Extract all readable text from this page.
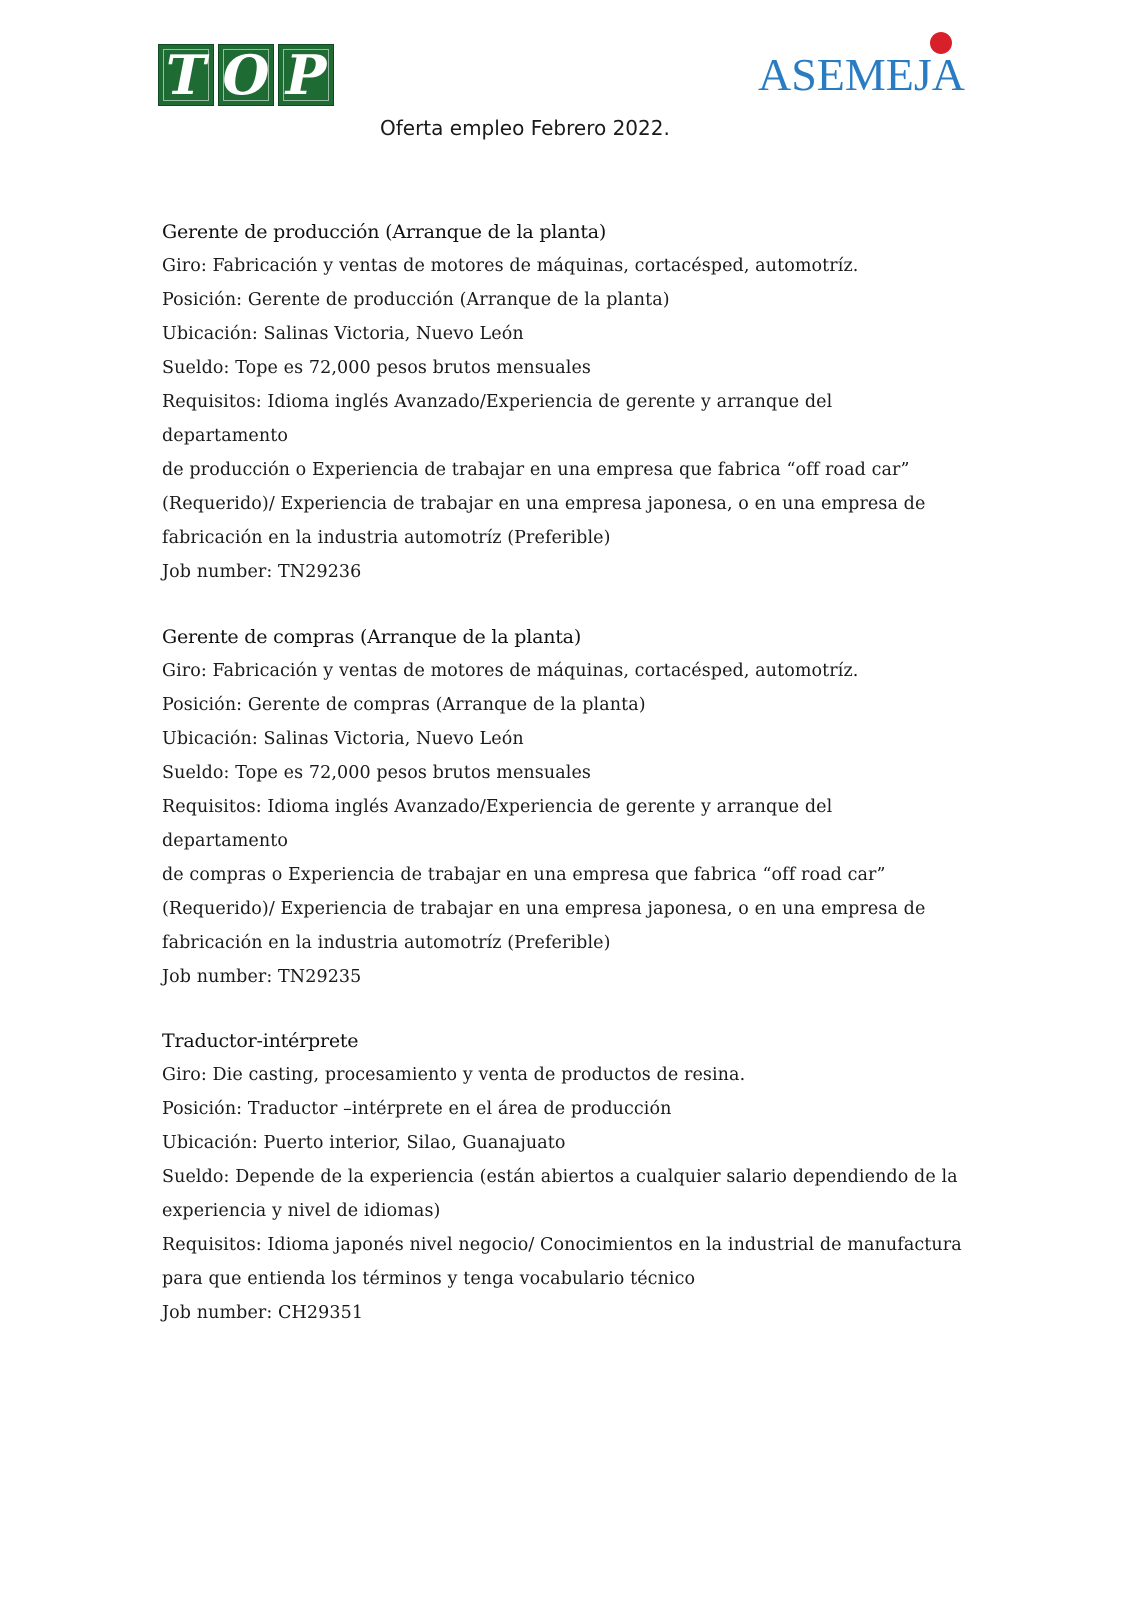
T O P	ASEMEJA
Oferta empleo Febrero 2022.

Gerente de producción (Arranque de la planta)

Giro: Fabricación y ventas de motores de máquinas, cortacésped, automotríz.

Posición: Gerente de producción (Arranque de la planta)

Ubicación: Salinas Victoria, Nuevo León

Sueldo: Tope es 72,000 pesos brutos mensuales

Requisitos: Idioma inglés Avanzado/Experiencia de gerente y arranque del departamento

de producción o Experiencia de trabajar en una empresa que fabrica “off road car”

(Requerido)/ Experiencia de trabajar en una empresa japonesa, o en una empresa de

fabricación en la industria automotríz (Preferible)

Job number: TN29236

Gerente de compras (Arranque de la planta)

Giro: Fabricación y ventas de motores de máquinas, cortacésped, automotríz.

Posición: Gerente de compras (Arranque de la planta)

Ubicación: Salinas Victoria, Nuevo León

Sueldo: Tope es 72,000 pesos brutos mensuales

Requisitos: Idioma inglés Avanzado/Experiencia de gerente y arranque del departamento

de compras o Experiencia de trabajar en una empresa que fabrica “off road car”

(Requerido)/ Experiencia de trabajar en una empresa japonesa, o en una empresa de

fabricación en la industria automotríz (Preferible)

Job number: TN29235

Traductor-intérprete

Giro: Die casting, procesamiento y venta de productos de resina.

Posición: Traductor –intérprete en el área de producción

Ubicación: Puerto interior, Silao, Guanajuato

Sueldo: Depende de la experiencia (están abiertos a cualquier salario dependiendo de la

experiencia y nivel de idiomas)

Requisitos: Idioma japonés nivel negocio/ Conocimientos en la industrial de manufactura

para que entienda los términos y tenga vocabulario técnico

Job number: CH29351
